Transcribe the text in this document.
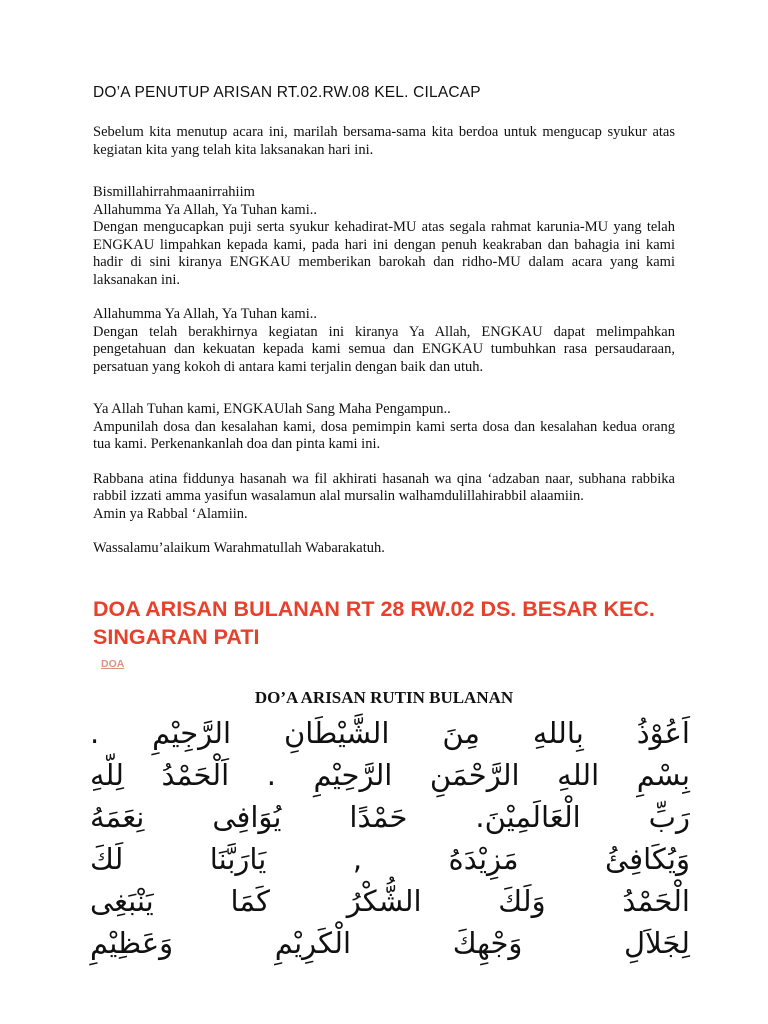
DO’A PENUTUP ARISAN RT.02.RW.08 KEL. CILACAP

Sebelum kita menutup acara ini, marilah bersama-sama kita berdoa untuk mengucap syukur atas kegiatan kita yang telah kita laksanakan hari ini.

Bismillahirrahmaanirrahiim
Allahumma Ya Allah, Ya Tuhan kami..
Dengan mengucapkan puji serta syukur kehadirat-MU atas segala rahmat karunia-MU yang telah ENGKAU limpahkan kepada kami, pada hari ini dengan penuh keakraban dan bahagia ini kami hadir di sini kiranya ENGKAU memberikan barokah dan ridho-MU dalam acara yang kami laksanakan ini.

Allahumma Ya Allah, Ya Tuhan kami..
Dengan telah berakhirnya kegiatan ini kiranya Ya Allah, ENGKAU dapat melimpahkan pengetahuan dan kekuatan kepada kami semua dan ENGKAU tumbuhkan rasa persaudaraan, persatuan yang kokoh di antara kami terjalin dengan baik dan utuh.

Ya Allah Tuhan kami, ENGKAUlah Sang Maha Pengampun..
Ampunilah dosa dan kesalahan kami, dosa pemimpin kami serta dosa dan kesalahan kedua orang tua kami. Perkenankanlah doa dan pinta kami ini.

Rabbana atina fiddunya hasanah wa fil akhirati hasanah wa qina ‘adzaban naar, subhana rabbika rabbil izzati amma yasifun wasalamun alal mursalin walhamdulillahirabbil alaamiin.
Amin ya Rabbal ‘Alamiin.

Wassalamu’alaikum Warahmatullah Wabarakatuh.

DOA ARISAN BULANAN RT 28 RW.02 DS. BESAR KEC. SINGARAN PATI
DOA
DO’A ARISAN RUTIN BULANAN
اَعُوْذُ بِاللهِ مِنَ الشَّيْطَانِ الرَّجِيْمِ .
بِسْمِ اللهِ الرَّحْمَنِ الرَّحِيْمِ . اَلْحَمْدُ لِلّهِ
رَبِّ الْعَالَمِيْنَ. حَمْدًا يُوَافِى نِعَمَهُ
وَيُكَافِئُ مَزِيْدَهُ , يَارَبَّنَا لَكَ
الْحَمْدُ وَلَكَ الشُّكْرُ كَمَا يَنْبَغِى
لِجَلاَلِ وَجْهِكَ الْكَرِيْمِ وَعَظِيْمِ
